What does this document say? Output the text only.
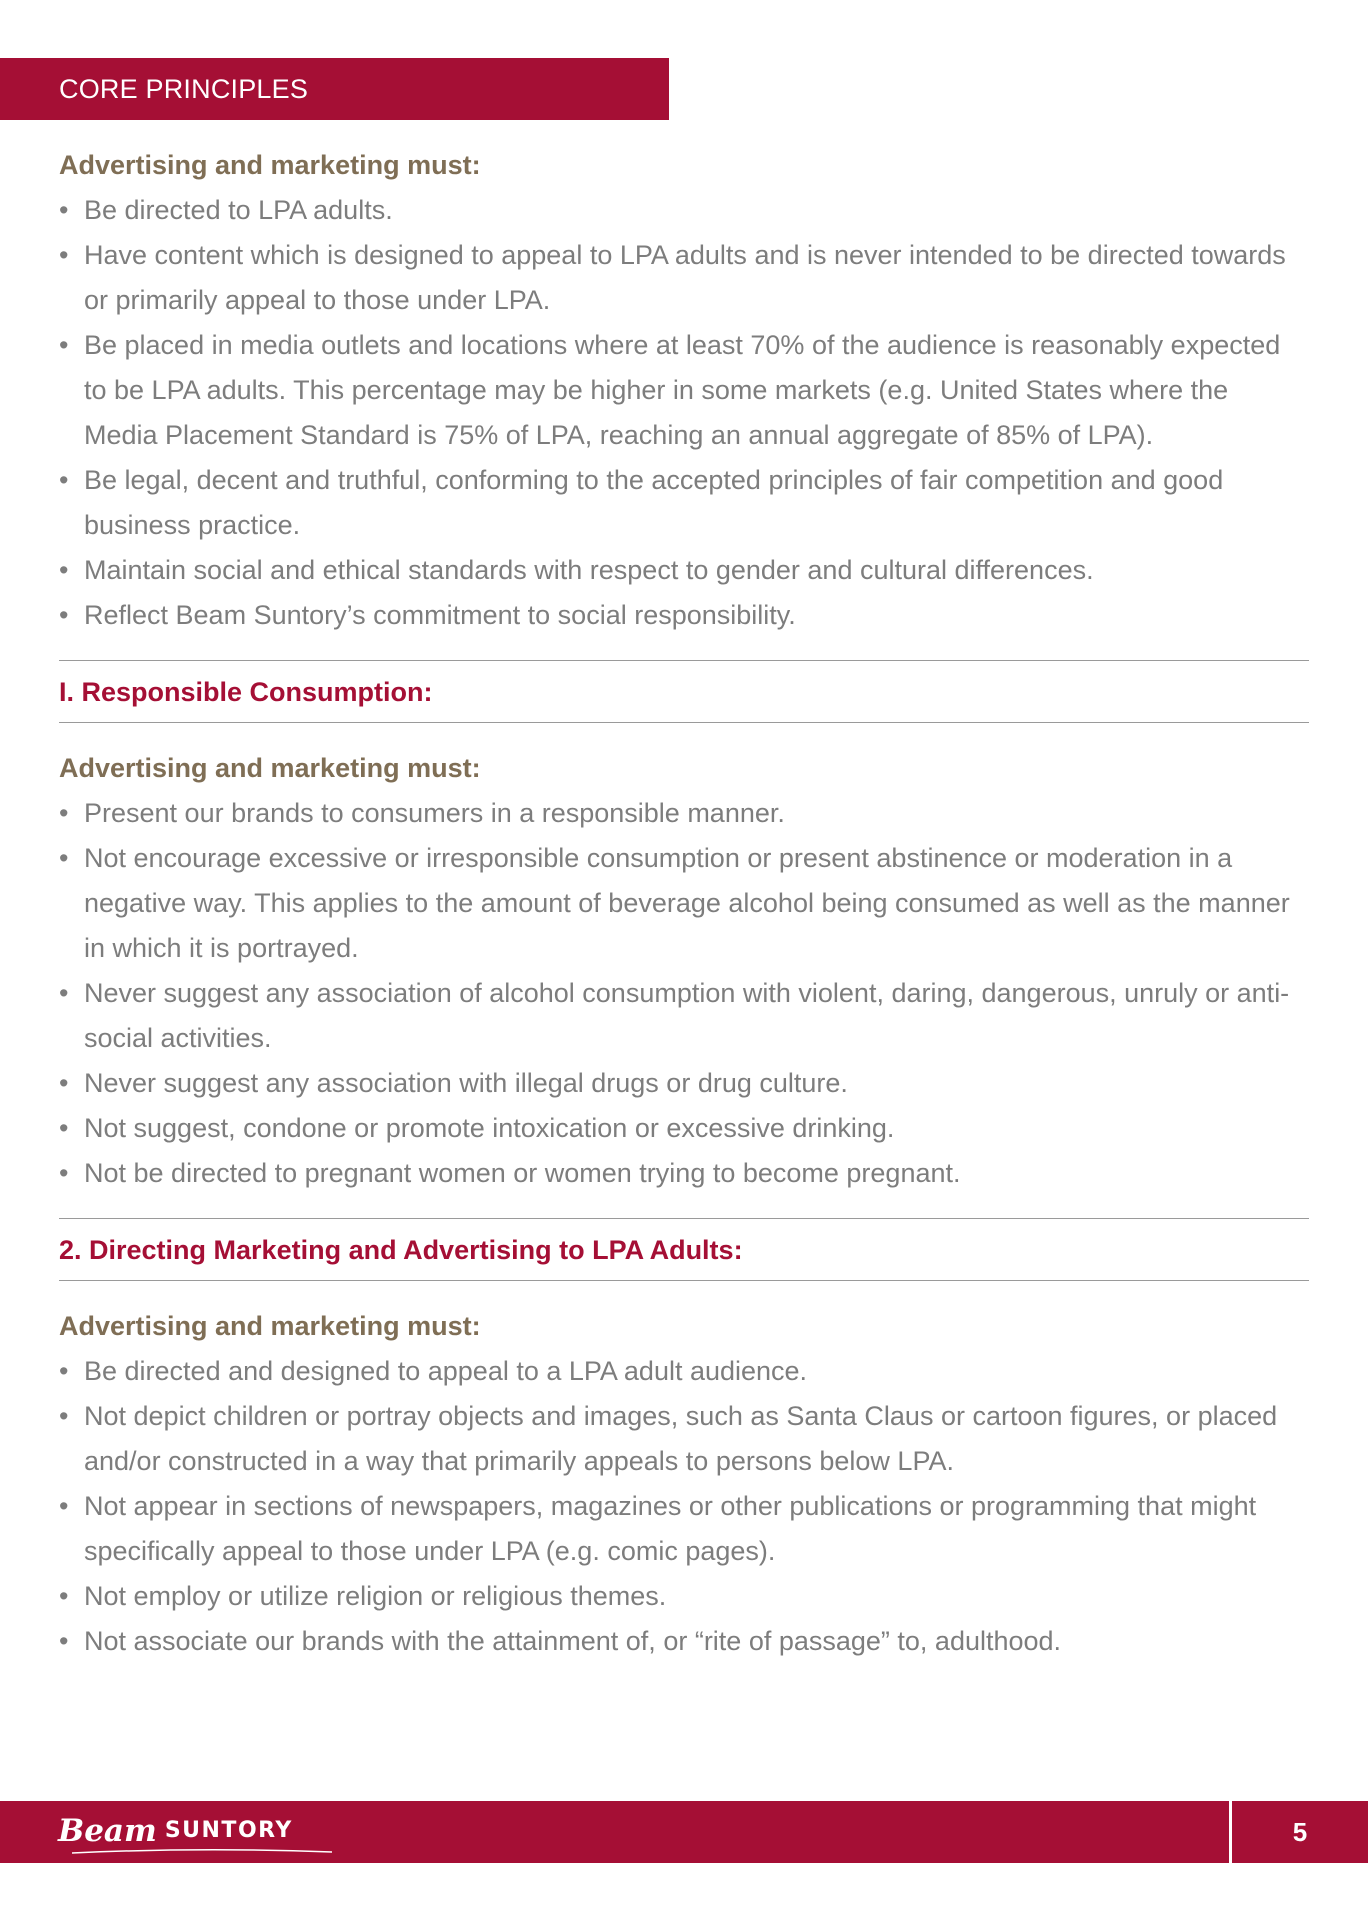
CORE PRINCIPLES

Advertising and marketing must:

• Be directed to LPA adults.
• Have content which is designed to appeal to LPA adults and is never intended to be directed towards or primarily appeal to those under LPA.
• Be placed in media outlets and locations where at least 70% of the audience is reasonably expected to be LPA adults. This percentage may be higher in some markets (e.g. United States where the Media Placement Standard is 75% of LPA, reaching an annual aggregate of 85% of LPA).
• Be legal, decent and truthful, conforming to the accepted principles of fair competition and good business practice.
• Maintain social and ethical standards with respect to gender and cultural differences.
• Reflect Beam Suntory’s commitment to social responsibility.
I. Responsible Consumption:

Advertising and marketing must:

• Present our brands to consumers in a responsible manner.
• Not encourage excessive or irresponsible consumption or present abstinence or moderation in a negative way. This applies to the amount of beverage alcohol being consumed as well as the manner in which it is portrayed.
• Never suggest any association of alcohol consumption with violent, daring, dangerous, unruly or anti-social activities.
• Never suggest any association with illegal drugs or drug culture.
• Not suggest, condone or promote intoxication or excessive drinking.
• Not be directed to pregnant women or women trying to become pregnant.
2. Directing Marketing and Advertising to LPA Adults:

Advertising and marketing must:

• Be directed and designed to appeal to a LPA adult audience.
• Not depict children or portray objects and images, such as Santa Claus or cartoon figures, or placed and/or constructed in a way that primarily appeals to persons below LPA.
• Not appear in sections of newspapers, magazines or other publications or programming that might specifically appeal to those under LPA (e.g. comic pages).
• Not employ or utilize religion or religious themes.
• Not associate our brands with the attainment of, or “rite of passage” to, adulthood.
Beam SUNTORY	5
